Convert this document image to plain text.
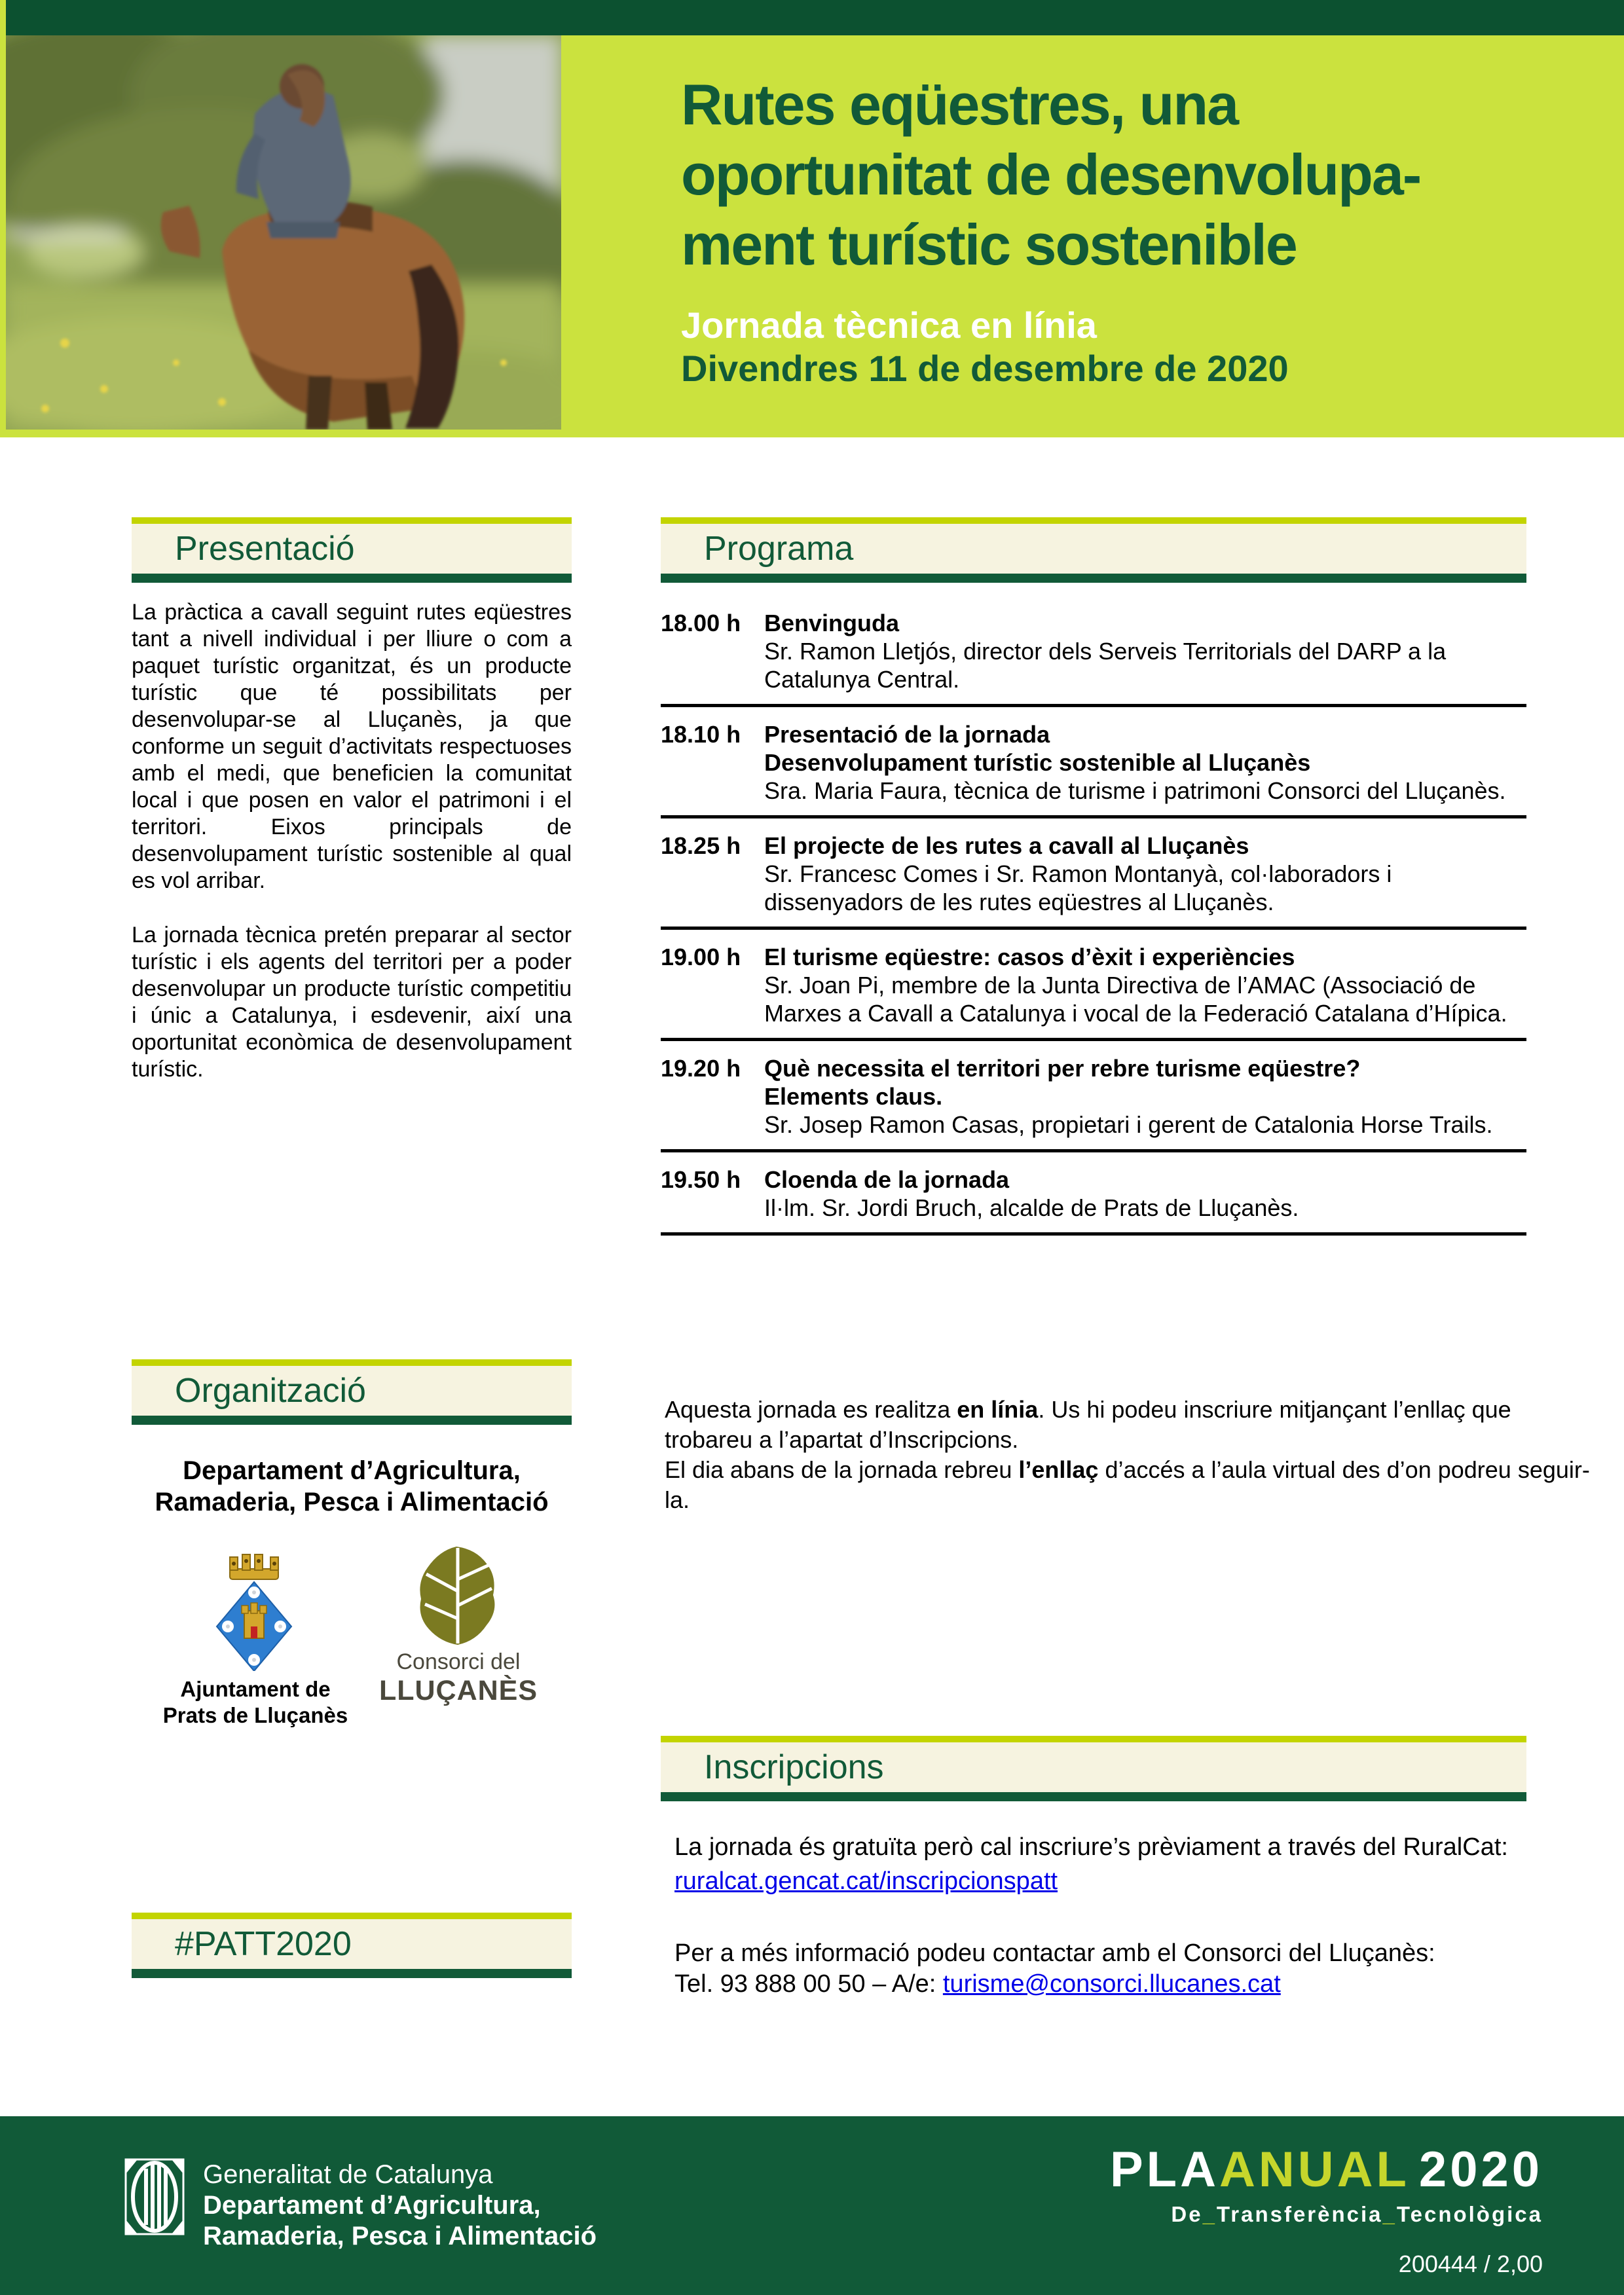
Rutes eqüestres, una
oportunitat de desenvolupa-
ment turístic sostenible
Jornada tècnica en línia
Divendres 11 de desembre de 2020
Presentació

La pràctica a cavall seguint rutes eqüestres tant a nivell individual i per lliure o com a paquet turístic organitzat, és un producte turístic que té possibilitats per desenvolupar-se al Lluçanès, ja que conforme un seguit d’activitats respectuoses amb el medi, que beneficien la comunitat local i que posen en valor el patrimoni i el territori. Eixos principals de desenvolupament turístic sostenible al qual es vol arribar.

La jornada tècnica pretén preparar al sector turístic i els agents del territori per a poder desenvolupar un producte turístic competitiu i únic a Catalunya, i esdevenir, així una oportunitat econòmica de desenvolupament turístic.

Organització
Departament d’Agricultura,
Ramaderia, Pesca i Alimentació
Ajuntament de
Prats de Lluçanès
Consorci del
LLUÇANÈS
#PATT2020
Programa
18.00 h Benvinguda
Sr. Ramon Lletjós, director dels Serveis Territorials del DARP a la Catalunya Central.
18.10 h Presentació de la jornada
Desenvolupament turístic sostenible al Lluçanès
Sra. Maria Faura, tècnica de turisme i patrimoni Consorci del Lluçanès.
18.25 h El projecte de les rutes a cavall al Lluçanès
Sr. Francesc Comes i Sr. Ramon Montanyà, col·laboradors i dissenyadors de les rutes eqüestres al Lluçanès.
19.00 h El turisme eqüestre: casos d’èxit i experiències
Sr. Joan Pi, membre de la Junta Directiva de l’AMAC (Associació de Marxes a Cavall a Catalunya i vocal de la Federació Catalana d’Hípica.
19.20 h Què necessita el territori per rebre turisme eqüestre?
Elements claus.
Sr. Josep Ramon Casas, propietari i gerent de Catalonia Horse Trails.
19.50 h Cloenda de la jornada
Il·lm. Sr. Jordi Bruch, alcalde de Prats de Lluçanès.

Aquesta jornada es realitza en línia. Us hi podeu inscriure mitjançant l’enllaç que trobareu a l’apartat d’Inscripcions.
El dia abans de la jornada rebreu l’enllaç d’accés a l’aula virtual des d’on podreu seguir-la.

Inscripcions
La jornada és gratuïta però cal inscriure’s prèviament a través del RuralCat:
ruralcat.gencat.cat/inscripcionspatt
Per a més informació podeu contactar amb el Consorci del Lluçanès:
Tel. 93 888 00 50 – A/e: turisme@consorci.llucanes.cat
Generalitat de Catalunya
Departament d’Agricultura,
Ramaderia, Pesca i Alimentació
PLAANUAL 2020
De_Transferència_Tecnològica
200444 / 2,00
